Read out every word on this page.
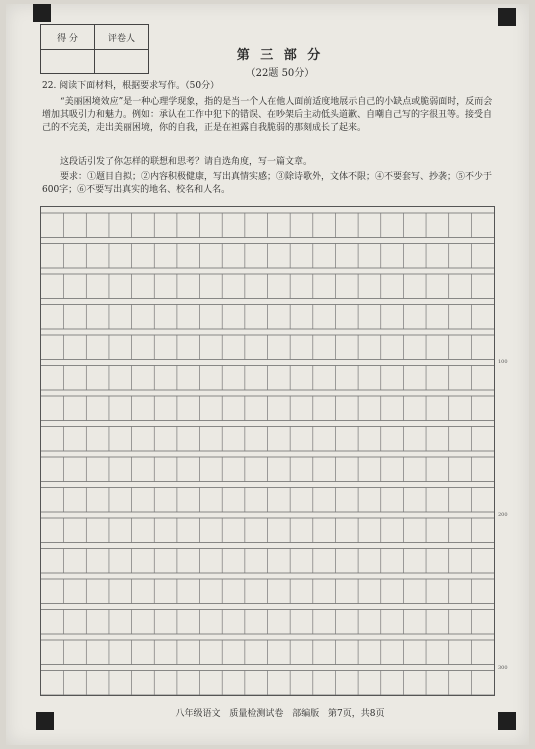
得 分	评卷人
第 三 部 分
（22题 50分）
22. 阅读下面材料，根据要求写作。（50分）
“美丽困境效应”是一种心理学现象，指的是当一个人在他人面前适度地展示自己的小缺点或脆弱面时，反而会增加其吸引力和魅力。例如：承认在工作中犯下的错误、在吵架后主动低头道歉、自嘲自己写的字很丑等。接受自己的不完美，走出美丽困境，你的自我，正是在袒露自我脆弱的那刻成长了起来。
这段话引发了你怎样的联想和思考？请自选角度，写一篇文章。
要求：①题目自拟；②内容积极健康，写出真情实感；③除诗歌外，文体不限；④不要套写、抄袭；⑤不少于600字；⑥不要写出真实的地名、校名和人名。
100
200
300
八年级语文 质量检测试卷 部编版 第7页，共8页
